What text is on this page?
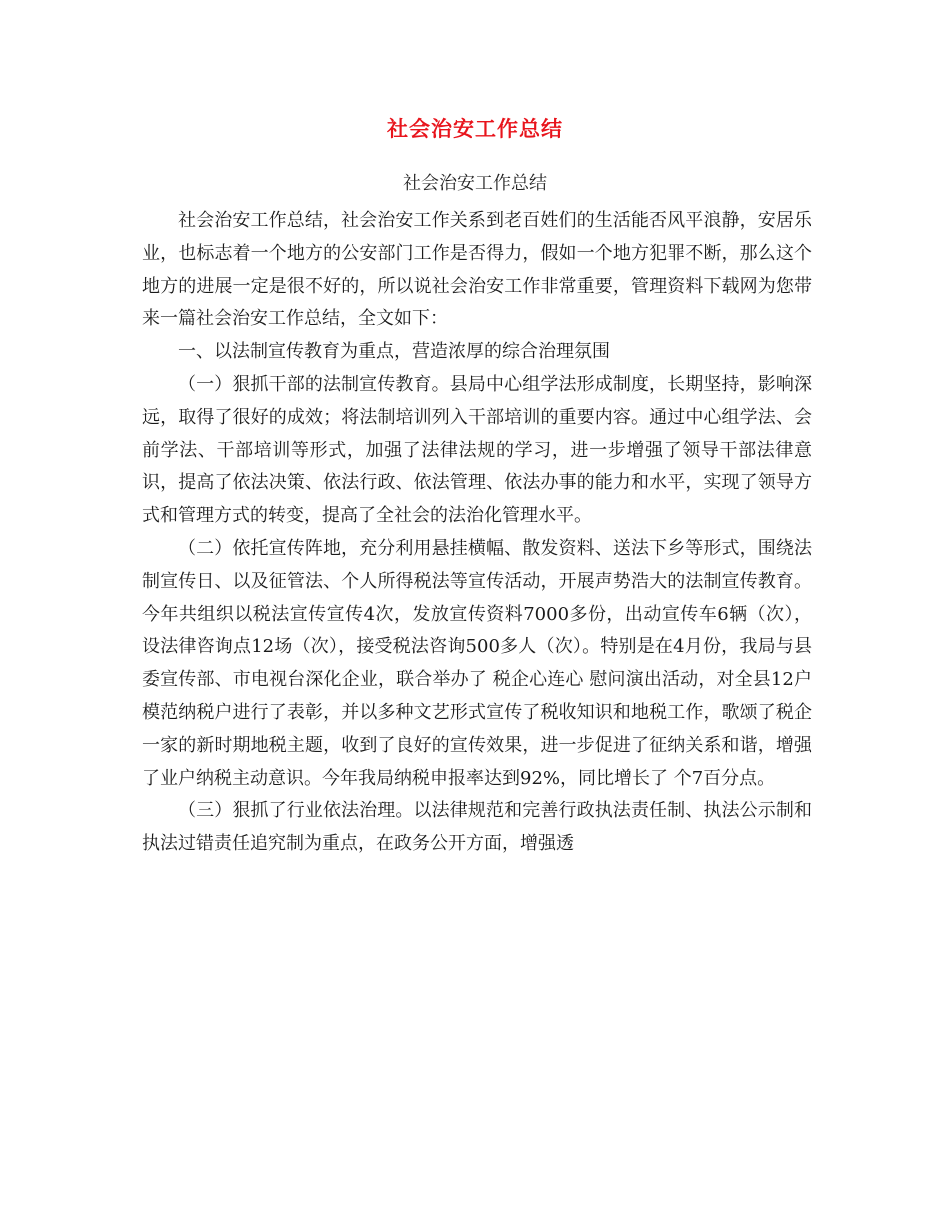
社会治安工作总结
社会治安工作总结

社会治安工作总结，社会治安工作关系到老百姓们的生活能否风平浪静，安居乐业，也标志着一个地方的公安部门工作是否得力，假如一个地方犯罪不断，那么这个地方的进展一定是很不好的，所以说社会治安工作非常重要，管理资料下载网为您带来一篇社会治安工作总结，全文如下：

一、以法制宣传教育为重点，营造浓厚的综合治理氛围

（一）狠抓干部的法制宣传教育。县局中心组学法形成制度，长期坚持，影响深远，取得了很好的成效；将法制培训列入干部培训的重要内容。通过中心组学法、会前学法、干部培训等形式，加强了法律法规的学习，进一步增强了领导干部法律意识，提高了依法决策、依法行政、依法管理、依法办事的能力和水平，实现了领导方式和管理方式的转变，提高了全社会的法治化管理水平。

（二）依托宣传阵地，充分利用悬挂横幅、散发资料、送法下乡等形式，围绕法制宣传日、以及征管法、个人所得税法等宣传活动，开展声势浩大的法制宣传教育。今年共组织以税法宣传宣传4次，发放宣传资料7000多份，出动宣传车6辆（次），设法律咨询点12场（次），接受税法咨询500多人（次）。特别是在4月份，我局与县委宣传部、市电视台深化企业，联合举办了 税企心连心 慰问演出活动，对全县12户模范纳税户进行了表彰，并以多种文艺形式宣传了税收知识和地税工作，歌颂了税企一家的新时期地税主题，收到了良好的宣传效果，进一步促进了征纳关系和谐，增强了业户纳税主动意识。今年我局纳税申报率达到92%，同比增长了 个7百分点。

（三）狠抓了行业依法治理。以法律规范和完善行政执法责任制、执法公示制和执法过错责任追究制为重点，在政务公开方面，增强透
